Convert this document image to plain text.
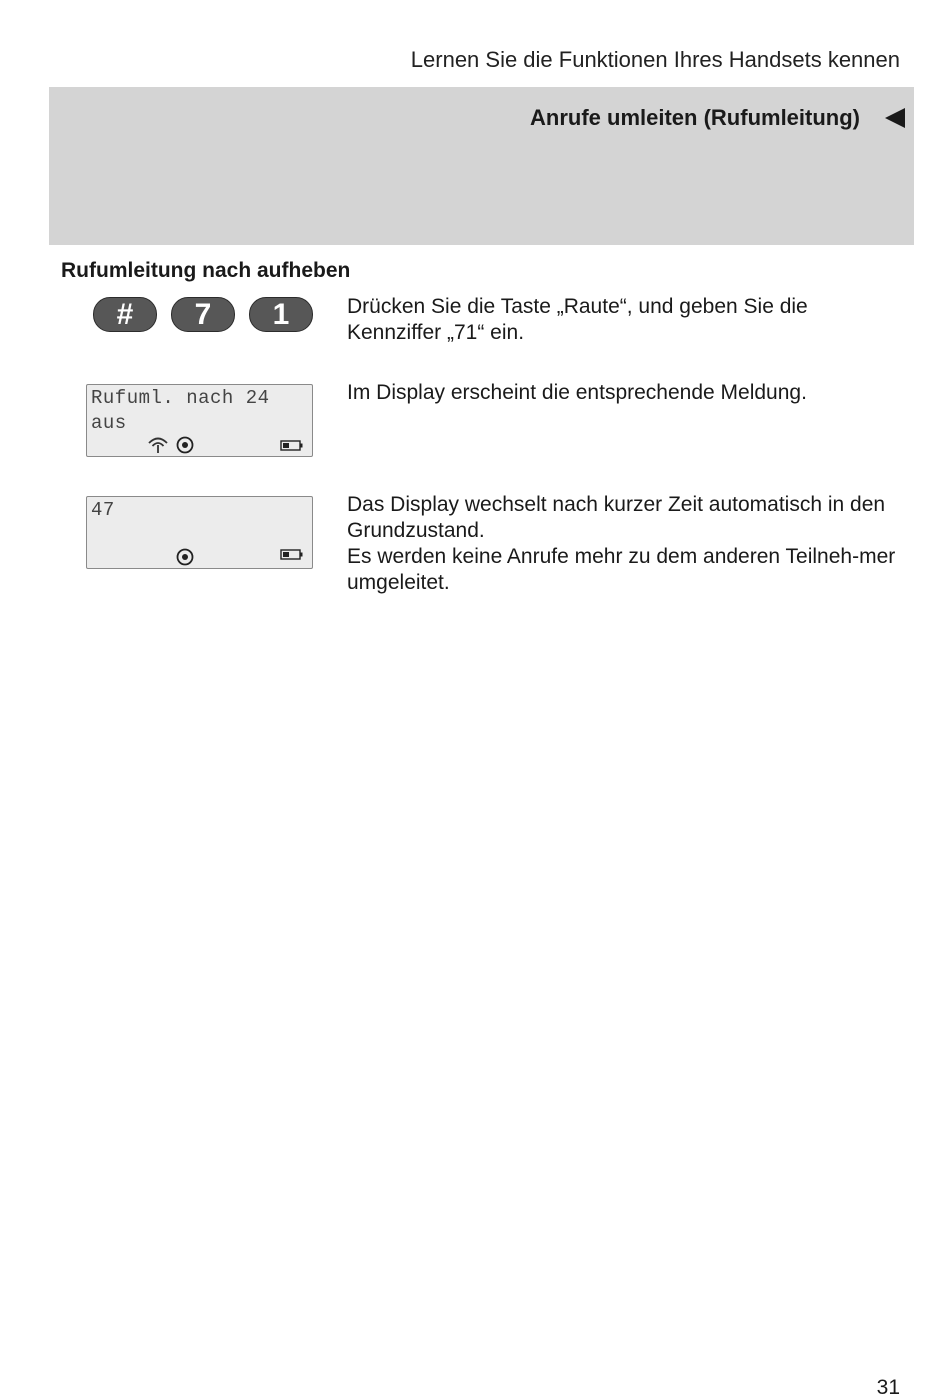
Lernen Sie die Funktionen Ihres Handsets kennen
Anrufe umleiten (Rufumleitung)
Rufumleitung nach aufheben
#	7	1	Drücken Sie die Taste „Raute“, und geben Sie die Kennziffer „71“ ein.
Rufuml. nach 24
aus
Im Display erscheint die entsprechende Meldung.
47	Das Display wechselt nach kurzer Zeit automatisch in den Grundzustand.
Es werden keine Anrufe mehr zu dem anderen Teilneh-mer umgeleitet.
31
